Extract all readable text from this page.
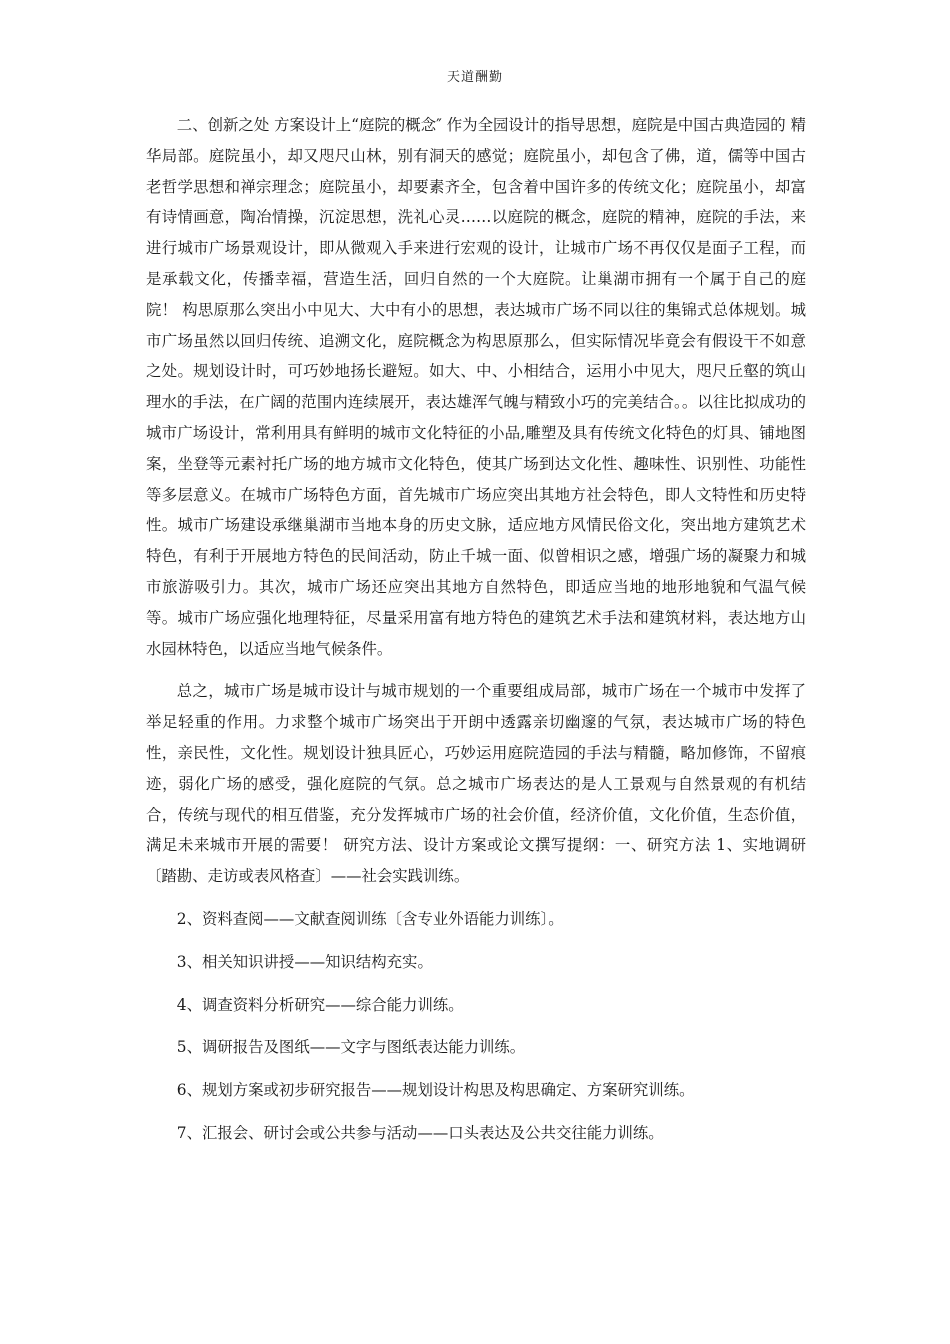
天道酬勤

二、创新之处 方案设计上“庭院的概念″ 作为全园设计的指导思想，庭院是中国古典造园的 精华局部。庭院虽小，却又咫尺山林，别有洞天的感觉；庭院虽小，却包含了佛，道，儒等中国古老哲学思想和禅宗理念；庭院虽小，却要素齐全，包含着中国许多的传统文化；庭院虽小，却富有诗情画意，陶冶情操，沉淀思想，洗礼心灵……以庭院的概念，庭院的精神，庭院的手法，来进行城市广场景观设计，即从微观入手来进行宏观的设计，让城市广场不再仅仅是面子工程，而是承载文化，传播幸福，营造生活，回归自然的一个大庭院。让巢湖市拥有一个属于自己的庭院！ 构思原那么突出小中见大、大中有小的思想，表达城市广场不同以往的集锦式总体规划。城市广场虽然以回归传统、追溯文化，庭院概念为构思原那么，但实际情况毕竟会有假设干不如意之处。规划设计时，可巧妙地扬长避短。如大、中、小相结合，运用小中见大，咫尺丘壑的筑山理水的手法，在广阔的范围内连续展开，表达雄浑气魄与精致小巧的完美结合。。以往比拟成功的城市广场设计，常利用具有鲜明的城市文化特征的小品,雕塑及具有传统文化特色的灯具、铺地图案，坐登等元素衬托广场的地方城市文化特色，使其广场到达文化性、趣味性、识别性、功能性等多层意义。在城市广场特色方面，首先城市广场应突出其地方社会特色，即人文特性和历史特性。城市广场建设承继巢湖市当地本身的历史文脉，适应地方风情民俗文化，突出地方建筑艺术特色，有利于开展地方特色的民间活动，防止千城一面、似曾相识之感，增强广场的凝聚力和城市旅游吸引力。其次，城市广场还应突出其地方自然特色，即适应当地的地形地貌和气温气候等。城市广场应强化地理特征，尽量采用富有地方特色的建筑艺术手法和建筑材料，表达地方山水园林特色，以适应当地气候条件。

总之，城市广场是城市设计与城市规划的一个重要组成局部，城市广场在一个城市中发挥了举足轻重的作用。力求整个城市广场突出于开朗中透露亲切幽邃的气氛，表达城市广场的特色性，亲民性，文化性。规划设计独具匠心，巧妙运用庭院造园的手法与精髓，略加修饰，不留痕迹，弱化广场的感受，强化庭院的气氛。总之城市广场表达的是人工景观与自然景观的有机结合，传统与现代的相互借鉴，充分发挥城市广场的社会价值，经济价值，文化价值，生态价值，满足未来城市开展的需要！ 研究方法、设计方案或论文撰写提纲：一、研究方法 1、实地调研〔踏勘、走访或表风格查〕——社会实践训练。

2、资料查阅——文献查阅训练〔含专业外语能力训练〕。
3、相关知识讲授——知识结构充实。
4、调查资料分析研究——综合能力训练。
5、调研报告及图纸——文字与图纸表达能力训练。
6、规划方案或初步研究报告——规划设计构思及构思确定、方案研究训练。
7、汇报会、研讨会或公共参与活动——口头表达及公共交往能力训练。
